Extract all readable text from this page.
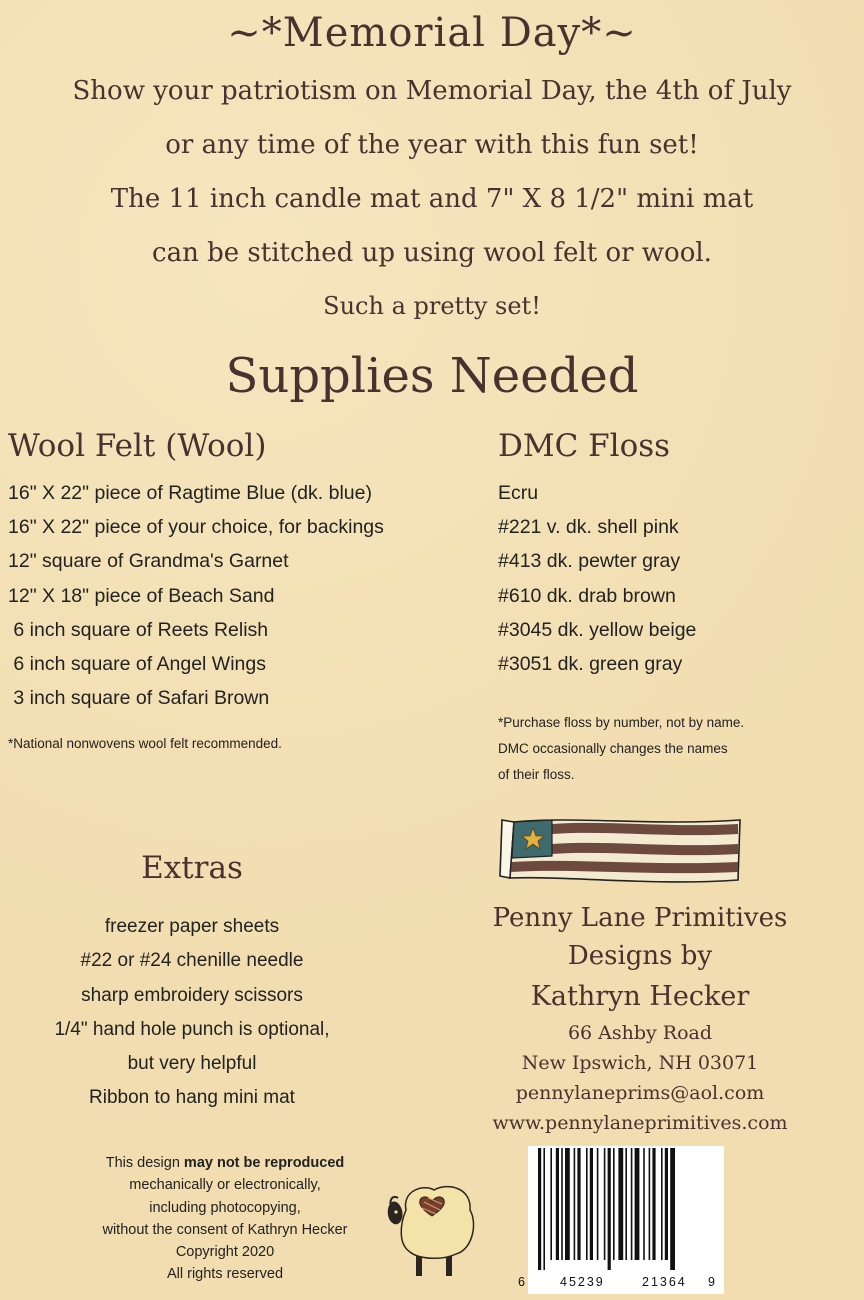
~*Memorial Day*~
Show your patriotism on Memorial Day, the 4th of July
or any time of the year with this fun set!
The 11 inch candle mat and 7" X 8 1/2" mini mat
can be stitched up using wool felt or wool.
Such a pretty set!
Supplies Needed
Wool Felt (Wool)
16" X 22" piece of Ragtime Blue (dk. blue)
16" X 22" piece of your choice, for backings
12" square of Grandma's Garnet
12" X 18" piece of Beach Sand
6 inch square of Reets Relish
6 inch square of Angel Wings
3 inch square of Safari Brown
*National nonwovens wool felt recommended.
DMC Floss
Ecru
#221 v. dk. shell pink
#413 dk. pewter gray
#610 dk. drab brown
#3045 dk. yellow beige
#3051 dk. green gray
*Purchase floss by number, not by name.
DMC occasionally changes the names
of their floss.
Extras
freezer paper sheets
#22 or #24 chenille needle
sharp embroidery scissors
1/4" hand hole punch is optional,
but very helpful
Ribbon to hang mini mat
Penny Lane Primitives
Designs by
Kathryn Hecker
66 Ashby Road
New Ipswich, NH 03071
pennylaneprims@aol.com
www.pennylaneprimitives.com
This design may not be reproduced
mechanically or electronically,
including photocopying,
without the consent of Kathryn Hecker
Copyright 2020
All rights reserved	6	45239	21364 9
